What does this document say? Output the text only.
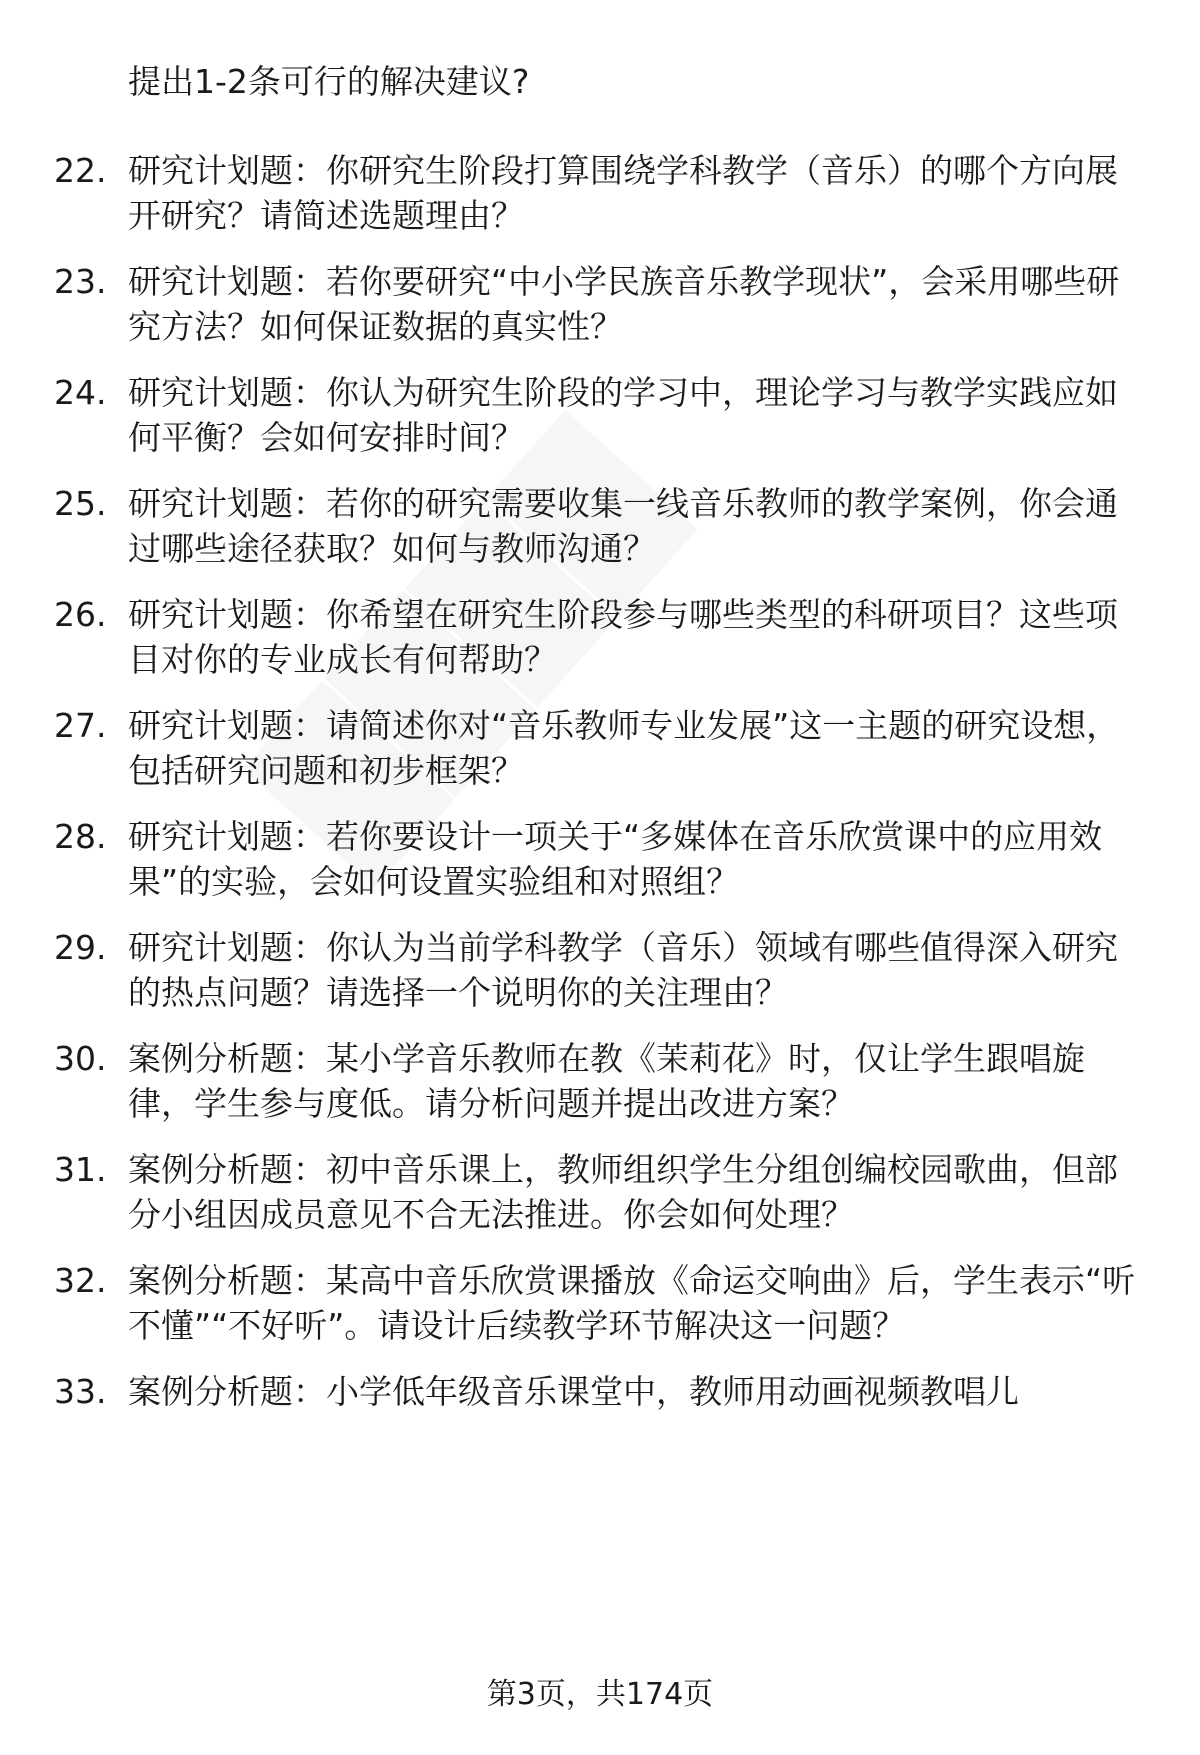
提出1-2条可行的解决建议?
22. 研究计划题：你研究生阶段打算围绕学科教学（音乐）的哪个方向展开研究？请简述选题理由？
23. 研究计划题：若你要研究“中小学民族音乐教学现状”，会采用哪些研究方法？如何保证数据的真实性？
24. 研究计划题：你认为研究生阶段的学习中，理论学习与教学实践应如何平衡？会如何安排时间？
25. 研究计划题：若你的研究需要收集一线音乐教师的教学案例，你会通过哪些途径获取？如何与教师沟通？
26. 研究计划题：你希望在研究生阶段参与哪些类型的科研项目？这些项目对你的专业成长有何帮助？
27. 研究计划题：请简述你对“音乐教师专业发展”这一主题的研究设想，包括研究问题和初步框架？
28. 研究计划题：若你要设计一项关于“多媒体在音乐欣赏课中的应用效果”的实验，会如何设置实验组和对照组？
29. 研究计划题：你认为当前学科教学（音乐）领域有哪些值得深入研究的热点问题？请选择一个说明你的关注理由？
30. 案例分析题：某小学音乐教师在教《茉莉花》时，仅让学生跟唱旋律，学生参与度低。请分析问题并提出改进方案？
31. 案例分析题：初中音乐课上，教师组织学生分组创编校园歌曲，但部分小组因成员意见不合无法推进。你会如何处理？
32. 案例分析题：某高中音乐欣赏课播放《命运交响曲》后，学生表示“听不懂”“不好听”。请设计后续教学环节解决这一问题？
33. 案例分析题：小学低年级音乐课堂中，教师用动画视频教唱儿
第3页，共174页
